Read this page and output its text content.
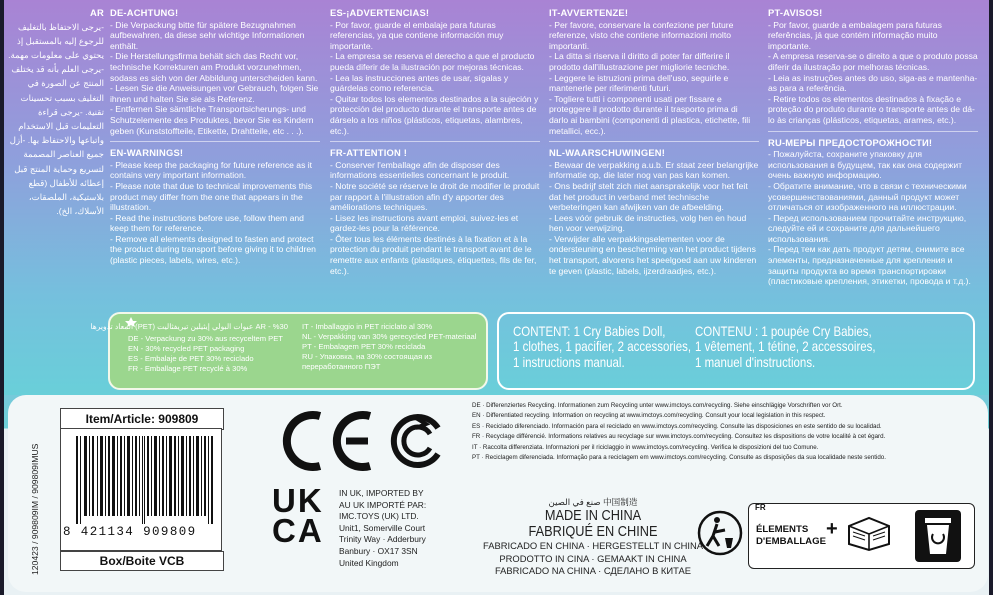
AR

-يرجى الاحتفاظ بالتغليف للرجوع إليه بالمستقبل إذ يحتوي على معلومات مهمة. -يرجى العلم بأنه قد يختلف المنتج عن الصورة في التغليف بسبب تحسينات تقنية. -يرجى قراءة التعليمات قبل الاستخدام واتباعها والاحتفاظ بها. -أزل جميع العناصر المصممة لتسريع وحماية المنتج قبل إعطائه للأطفال (قطع بلاستيكية، الملصقات، الأسلاك، الخ).

DE-ACHTUNG!

- Die Verpackung bitte für spätere Bezugnahmen aufbewahren, da diese sehr wichtige Informationen enthält.

- Die Herstellungsfirma behält sich das Recht vor, technische Korrekturen am Produkt vorzunehmen, sodass es sich von der Abbildung unterscheiden kann.

- Lesen Sie die Anweisungen vor Gebrauch, folgen Sie ihnen und halten Sie sie als Referenz.

- Entfernen Sie sämtliche Transportsicherungs- und Schutzelemente des Produktes, bevor Sie es Kindern geben (Kunststoffteile, Etikette, Drahtteile, etc . . .).

EN-WARNINGS!

- Please keep the packaging for future reference as it contains very important information.

- Please note that due to technical improvements this product may differ from the one that appears in the illustration.

- Read the instructions before use, follow them and keep them for reference.

- Remove all elements designed to fasten and protect the product during transport before giving it to children (plastic pieces, labels, wires, etc.).

ES-¡ADVERTENCIAS!

- Por favor, guarde el embalaje para futuras referencias, ya que contiene información muy importante.

- La empresa se reserva el derecho a que el producto pueda diferir de la ilustración por mejoras técnicas.

- Lea las instrucciones antes de usar, sígalas y guárdelas como referencia.

- Quitar todos los elementos destinados a la sujeción y protección del producto durante el transporte antes de dárselo a los niños (plásticos, etiquetas, alambres, etc.).

FR-ATTENTION !

- Conserver l'emballage afin de disposer des informations essentielles concernant le produit.

- Notre société se réserve le droit de modifier le produit par rapport à l'illustration afin d'y apporter des améliorations techniques.

- Lisez les instructions avant emploi, suivez-les et gardez-les pour la référence.

- Ôter tous les éléments destinés à la fixation et à la protection du produit pendant le transport avant de le remettre aux enfants (plastiques, étiquettes, fils de fer, etc.).

IT-AVVERTENZE!

- Per favore, conservare la confezione per future referenze, visto che contiene informazioni molto importanti.

- La ditta si riserva il diritto di poter far differire il prodotto dall'illustrazione per migliorie tecniche.

- Leggere le istruzioni prima dell'uso, seguirle e mantenerle per riferimenti futuri.

- Togliere tutti i componenti usati per fissare e proteggere il prodotto durante il trasporto prima di darlo ai bambini (componenti di plastica, etichette, fili metallici, ecc.).

NL-WAARSCHUWINGEN!

- Bewaar de verpakking a.u.b. Er staat zeer belangrijke informatie op, die later nog van pas kan komen.

- Ons bedrijf stelt zich niet aansprakelijk voor het feit dat het product in verband met technische verbeteringen kan afwijken van de afbeelding.

- Lees vóór gebruik de instructies, volg hen en houd hen voor verwijzing.

- Verwijder alle verpakkingselementen voor de ondersteuning en bescherming van het product tijdens het transport, alvorens het speelgoed aan uw kinderen te geven (plastic, labels, ijzerdraadjes, etc.).

PT-AVISOS!

- Por favor, guarde a embalagem para futuras referências, já que contém informação muito importante.

- A empresa reserva-se o direito a que o produto possa diferir da ilustração por melhoras técnicas.

- Leia as instruções antes do uso, siga-as e mantenha-as para a referência.

- Retire todos os elementos destinados à fixação e proteção do produto durante o transporte antes de dá-lo às crianças (plásticos, etiquetas, arames, etc.).

RU-МЕРЫ ПРЕДОСТОРОЖНОСТИ!

- Пожалуйста, сохраните упаковку для использования в будущем, так как она содержит очень важную информацию.

- Обратите внимание, что в связи с техническими усовершенствованиями, данный продукт может отличаться от изображенного на иллюстрации.

- Перед использованием прочитайте инструкцию, следуйте ей и сохраните для дальнейшего использования.

- Перед тем как дать продукт детям, снимите все элементы, предназначенные для крепления и защиты продукта во время транспортировки (пластиковые крепления, этикетки, провода и т.д.).

%30 - AR عبوات البولي إيثيلين تيريفثاليت (PET) المعاد تدويرها
DE - Verpackung zu 30% aus recyceltem PET
EN - 30% recycled PET packaging
ES - Embalaje de PET 30% reciclado
FR - Emballage PET recyclé à 30%
IT - Imballaggio in PET riciclato al 30%
NL - Verpakking van 30% gerecycled PET-materiaal
PT - Embalagem PET 30% reciclada
RU - Упаковка, на 30% состоящая из переработанного ПЭТ
CONTENT: 1 Cry Babies Doll,
1 clothes, 1 pacifier, 2 accessories,
1 instructions manual.
CONTENU : 1 poupée Cry Babies,
1 vêtement, 1 tétine, 2 accessoires,
1 manuel d'instructions.
Item/Article: 909809
8 421134 909809
Box/Boite VCB
120423 / 909809IM / 909809IMUS	UK CA
IN UK, IMPORTED BY
AU UK IMPORTÉ PAR:
IMC.TOYS (UK) LTD.
Unit1, Somerville Court
Trinity Way · Adderbury
Banbury · OX17 3SN
United Kingdom
DE · Differenziertes Recycling. Informationen zum Recycling unter www.imctoys.com/recycling. Siehe einschlägige Vorschriften vor Ort.
EN · Differentiated recycling. Information on recycling at www.imctoys.com/recycling. Consult your local legislation in this respect.
ES · Reciclado diferenciado. Información para el reciclado en www.imctoys.com/recycling. Consulte las disposiciones en este sentido de su localidad.
FR · Recyclage différencié. Informations relatives au recyclage sur www.imctoys.com/recycling. Consultez les dispositions de votre localité à cet égard.
IT · Raccolta differenziata. Informazioni per il riciclaggio in www.imctoys.com/recycling. Verifica le disposizioni del tuo Comune.
PT · Reciclagem diferenciada. Informação para a reciclagem em www.imctoys.com/recycling. Consulte as disposições da sua localidade neste sentido.
صنع في الصين 中国制造
MADE IN CHINA
FABRIQUÉ EN CHINE
FABRICADO EN CHINA · HERGESTELLT IN CHINA
PRODOTTO IN CINA · GEMAAKT IN CHINA
FABRICADO NA CHINA · СДЕЛАНО В КИТАЕ
FR
ÉLEMENTS
D'EMBALLAGE
+
